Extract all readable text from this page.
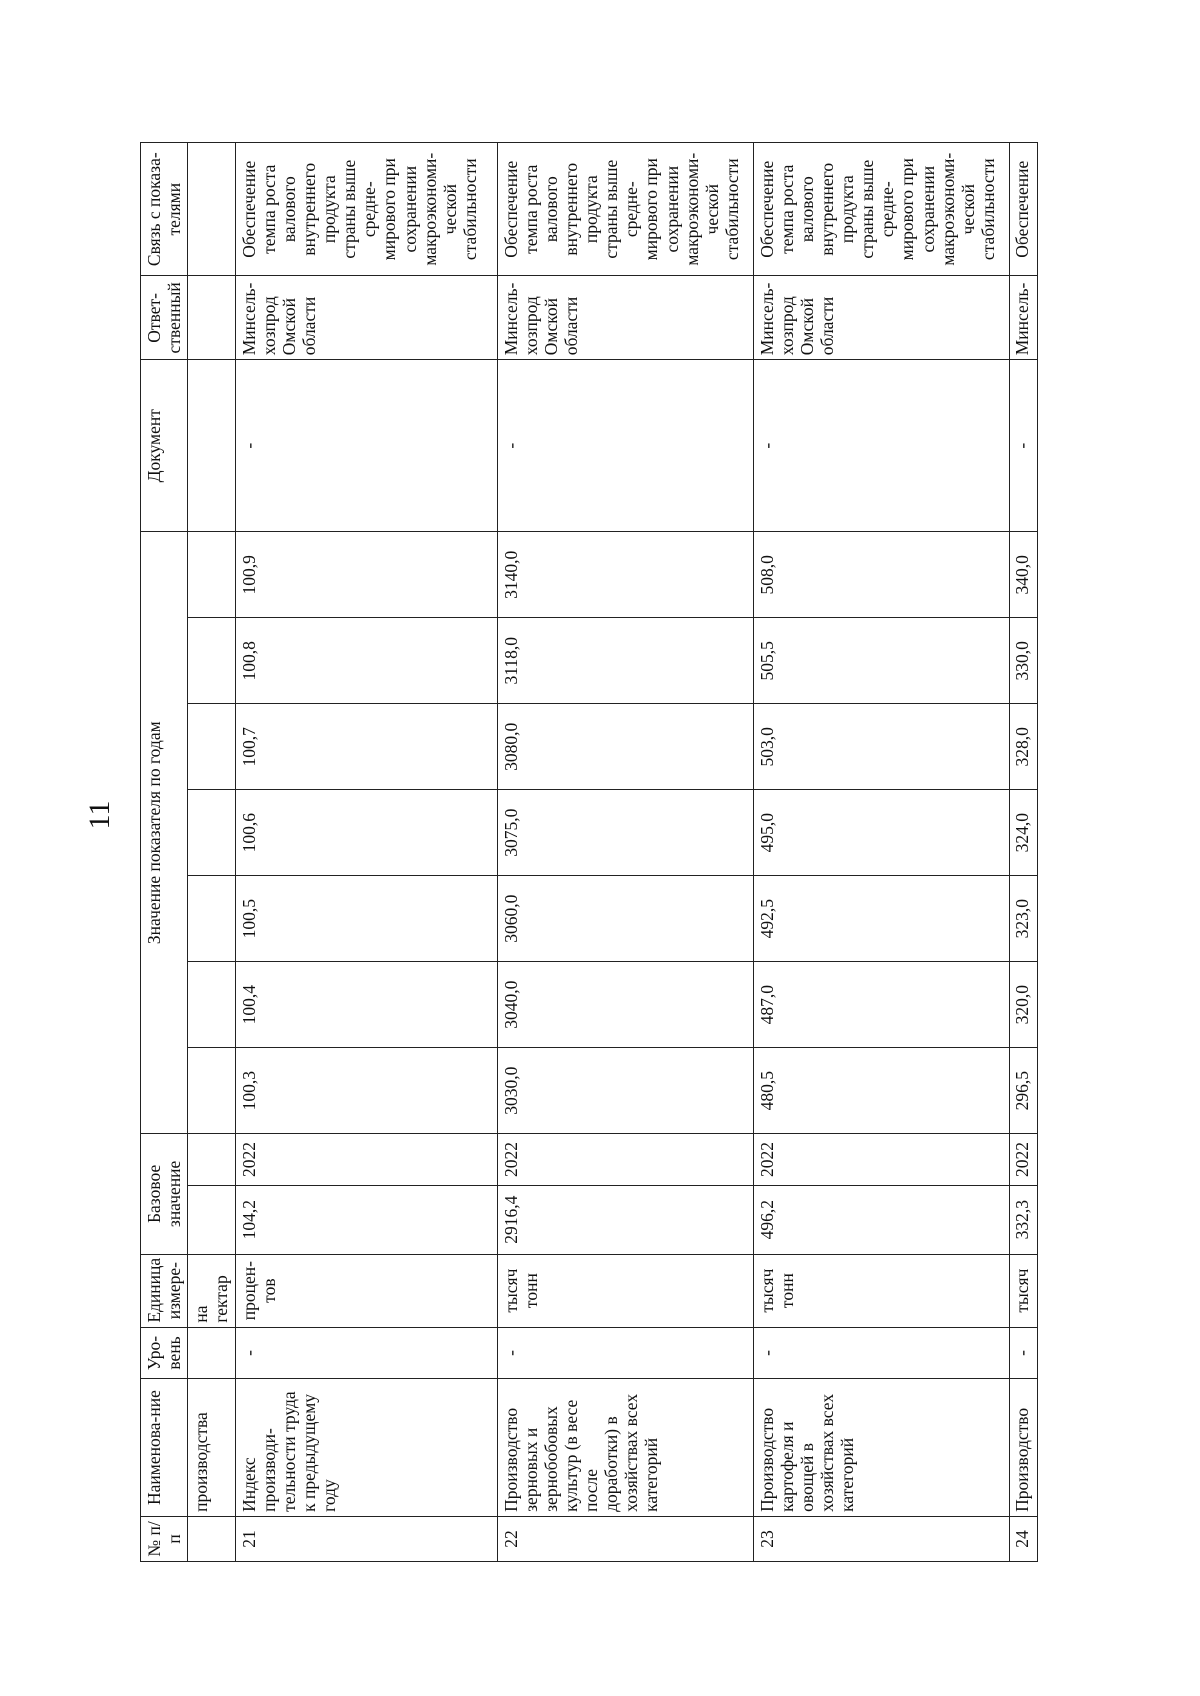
11
№ п/п	Наименова-ние	Уро-вень	Единица измере-	Базовое значение		Значение показателя по годам							Документ	Ответ-ственный	Связь с показа-телями
	производства		на гектар												
21	Индекс производи-тельности труда к предыдущему году	-	процен-тов	104,2	2022	100,3	100,4	100,5	100,6	100,7	100,8	100,9	-	Минсель-хозпрод Омской области	Обеспечение темпа роста валового внутреннего продукта страны выше средне-мирового при сохранении макроэкономи-ческой стабильности
22	Производство зерновых и зернобобовых культур (в весе после доработки) в хозяйствах всех категорий	-	тысяч тонн	2916,4	2022	3030,0	3040,0	3060,0	3075,0	3080,0	3118,0	3140,0	-	Минсель-хозпрод Омской области	Обеспечение темпа роста валового внутреннего продукта страны выше средне-мирового при сохранении макроэкономи-ческой стабильности
23	Производство картофеля и овощей в хозяйствах всех категорий	-	тысяч тонн	496,2	2022	480,5	487,0	492,5	495,0	503,0	505,5	508,0	-	Минсель-хозпрод Омской области	Обеспечение темпа роста валового внутреннего продукта страны выше средне-мирового при сохранении макроэкономи-ческой стабильности
24	Производство	-	тысяч	332,3	2022	296,5	320,0	323,0	324,0	328,0	330,0	340,0	-	Минсель-	Обеспечение
